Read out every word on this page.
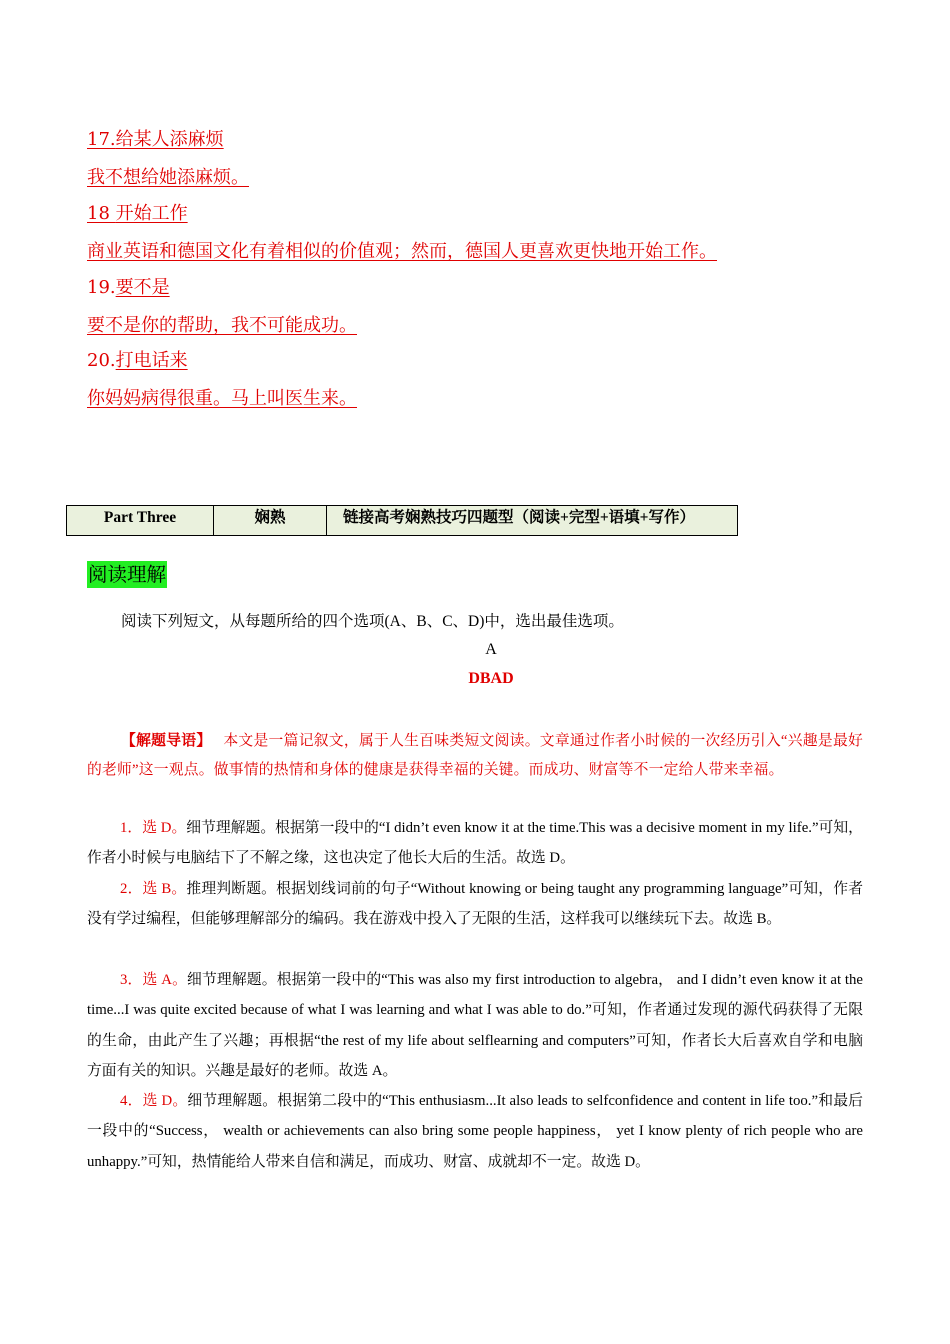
17.给某人添麻烦
我不想给她添麻烦。
18 开始工作
商业英语和德国文化有着相似的价值观；然而，德国人更喜欢更快地开始工作。
19.要不是
要不是你的帮助，我不可能成功。
20.打电话来
你妈妈病得很重。马上叫医生来。
Part Three	娴熟	链接高考娴熟技巧四题型（阅读+完型+语填+写作）
阅读理解
阅读下列短文，从每题所给的四个选项(A、B、C、D)中，选出最佳选项。
A
DBAD

【解题导语】 本文是一篇记叙文，属于人生百味类短文阅读。文章通过作者小时候的一次经历引入“兴趣是最好的老师”这一观点。做事情的热情和身体的健康是获得幸福的关键。而成功、财富等不一定给人带来幸福。

1．选 D。细节理解题。根据第一段中的“I didn’t even know it at the time.This was a decisive moment in my life.”可知，作者小时候与电脑结下了不解之缘，这也决定了他长大后的生活。故选 D。
2．选 B。推理判断题。根据划线词前的句子“Without knowing or being taught any programming language”可知，作者没有学过编程，但能够理解部分的编码。我在游戏中投入了无限的生活，这样我可以继续玩下去。故选 B。
3．选 A。细节理解题。根据第一段中的“This was also my first introduction to algebra， and I didn’t even know it at the time...I was quite excited because of what I was learning and what I was able to do.”可知，作者通过发现的源代码获得了无限的生命，由此产生了兴趣；再根据“the rest of my life about selflearning and computers”可知，作者长大后喜欢自学和电脑方面有关的知识。兴趣是最好的老师。故选 A。
4．选 D。细节理解题。根据第二段中的“This enthusiasm...It also leads to selfconfidence and content in life too.”和最后一段中的“Success， wealth or achievements can also bring some people happiness， yet I know plenty of rich people who are unhappy.”可知，热情能给人带来自信和满足，而成功、财富、成就却不一定。故选 D。
